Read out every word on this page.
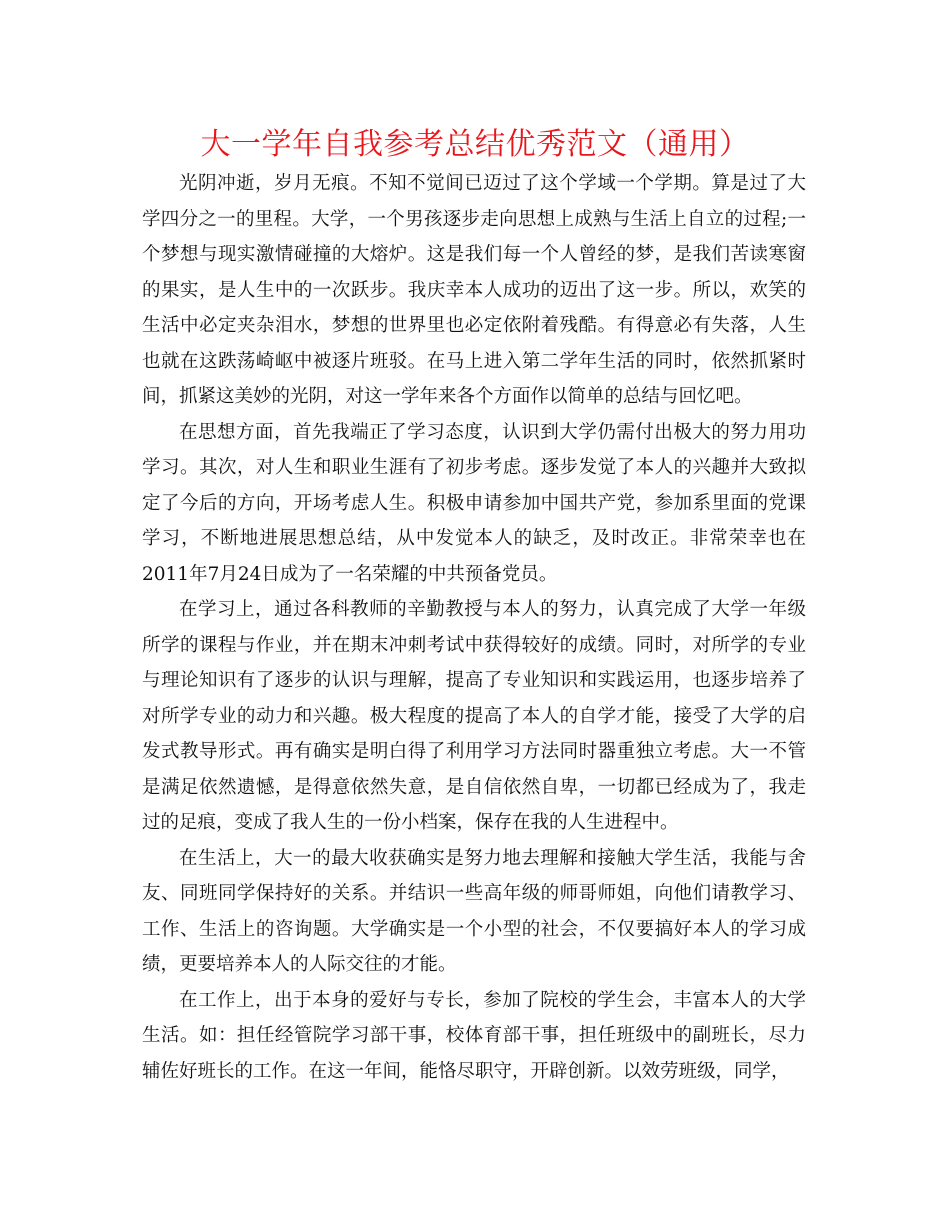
大一学年自我参考总结优秀范文（通用）

光阴冲逝，岁月无痕。不知不觉间已迈过了这个学域一个学期。算是过了大学四分之一的里程。大学，一个男孩逐步走向思想上成熟与生活上自立的过程;一个梦想与现实激情碰撞的大熔炉。这是我们每一个人曾经的梦，是我们苦读寒窗的果实，是人生中的一次跃步。我庆幸本人成功的迈出了这一步。所以，欢笑的生活中必定夹杂泪水，梦想的世界里也必定依附着残酷。有得意必有失落，人生也就在这跌荡崎岖中被逐片班驳。在马上进入第二学年生活的同时，依然抓紧时间，抓紧这美妙的光阴，对这一学年来各个方面作以简单的总结与回忆吧。

在思想方面，首先我端正了学习态度，认识到大学仍需付出极大的努力用功学习。其次，对人生和职业生涯有了初步考虑。逐步发觉了本人的兴趣并大致拟定了今后的方向，开场考虑人生。积极申请参加中国共产党，参加系里面的党课学习，不断地进展思想总结，从中发觉本人的缺乏，及时改正。非常荣幸也在2011年7月24日成为了一名荣耀的中共预备党员。

在学习上，通过各科教师的辛勤教授与本人的努力，认真完成了大学一年级所学的课程与作业，并在期末冲刺考试中获得较好的成绩。同时，对所学的专业与理论知识有了逐步的认识与理解，提高了专业知识和实践运用，也逐步培养了对所学专业的动力和兴趣。极大程度的提高了本人的自学才能，接受了大学的启发式教导形式。再有确实是明白得了利用学习方法同时器重独立考虑。大一不管是满足依然遗憾，是得意依然失意，是自信依然自卑，一切都已经成为了，我走过的足痕，变成了我人生的一份小档案，保存在我的人生进程中。

在生活上，大一的最大收获确实是努力地去理解和接触大学生活，我能与舍友、同班同学保持好的关系。并结识一些高年级的师哥师姐，向他们请教学习、工作、生活上的咨询题。大学确实是一个小型的社会，不仅要搞好本人的学习成绩，更要培养本人的人际交往的才能。

在工作上，出于本身的爱好与专长，参加了院校的学生会，丰富本人的大学生活。如：担任经管院学习部干事，校体育部干事，担任班级中的副班长，尽力辅佐好班长的工作。在这一年间，能恪尽职守，开辟创新。以效劳班级，同学，
